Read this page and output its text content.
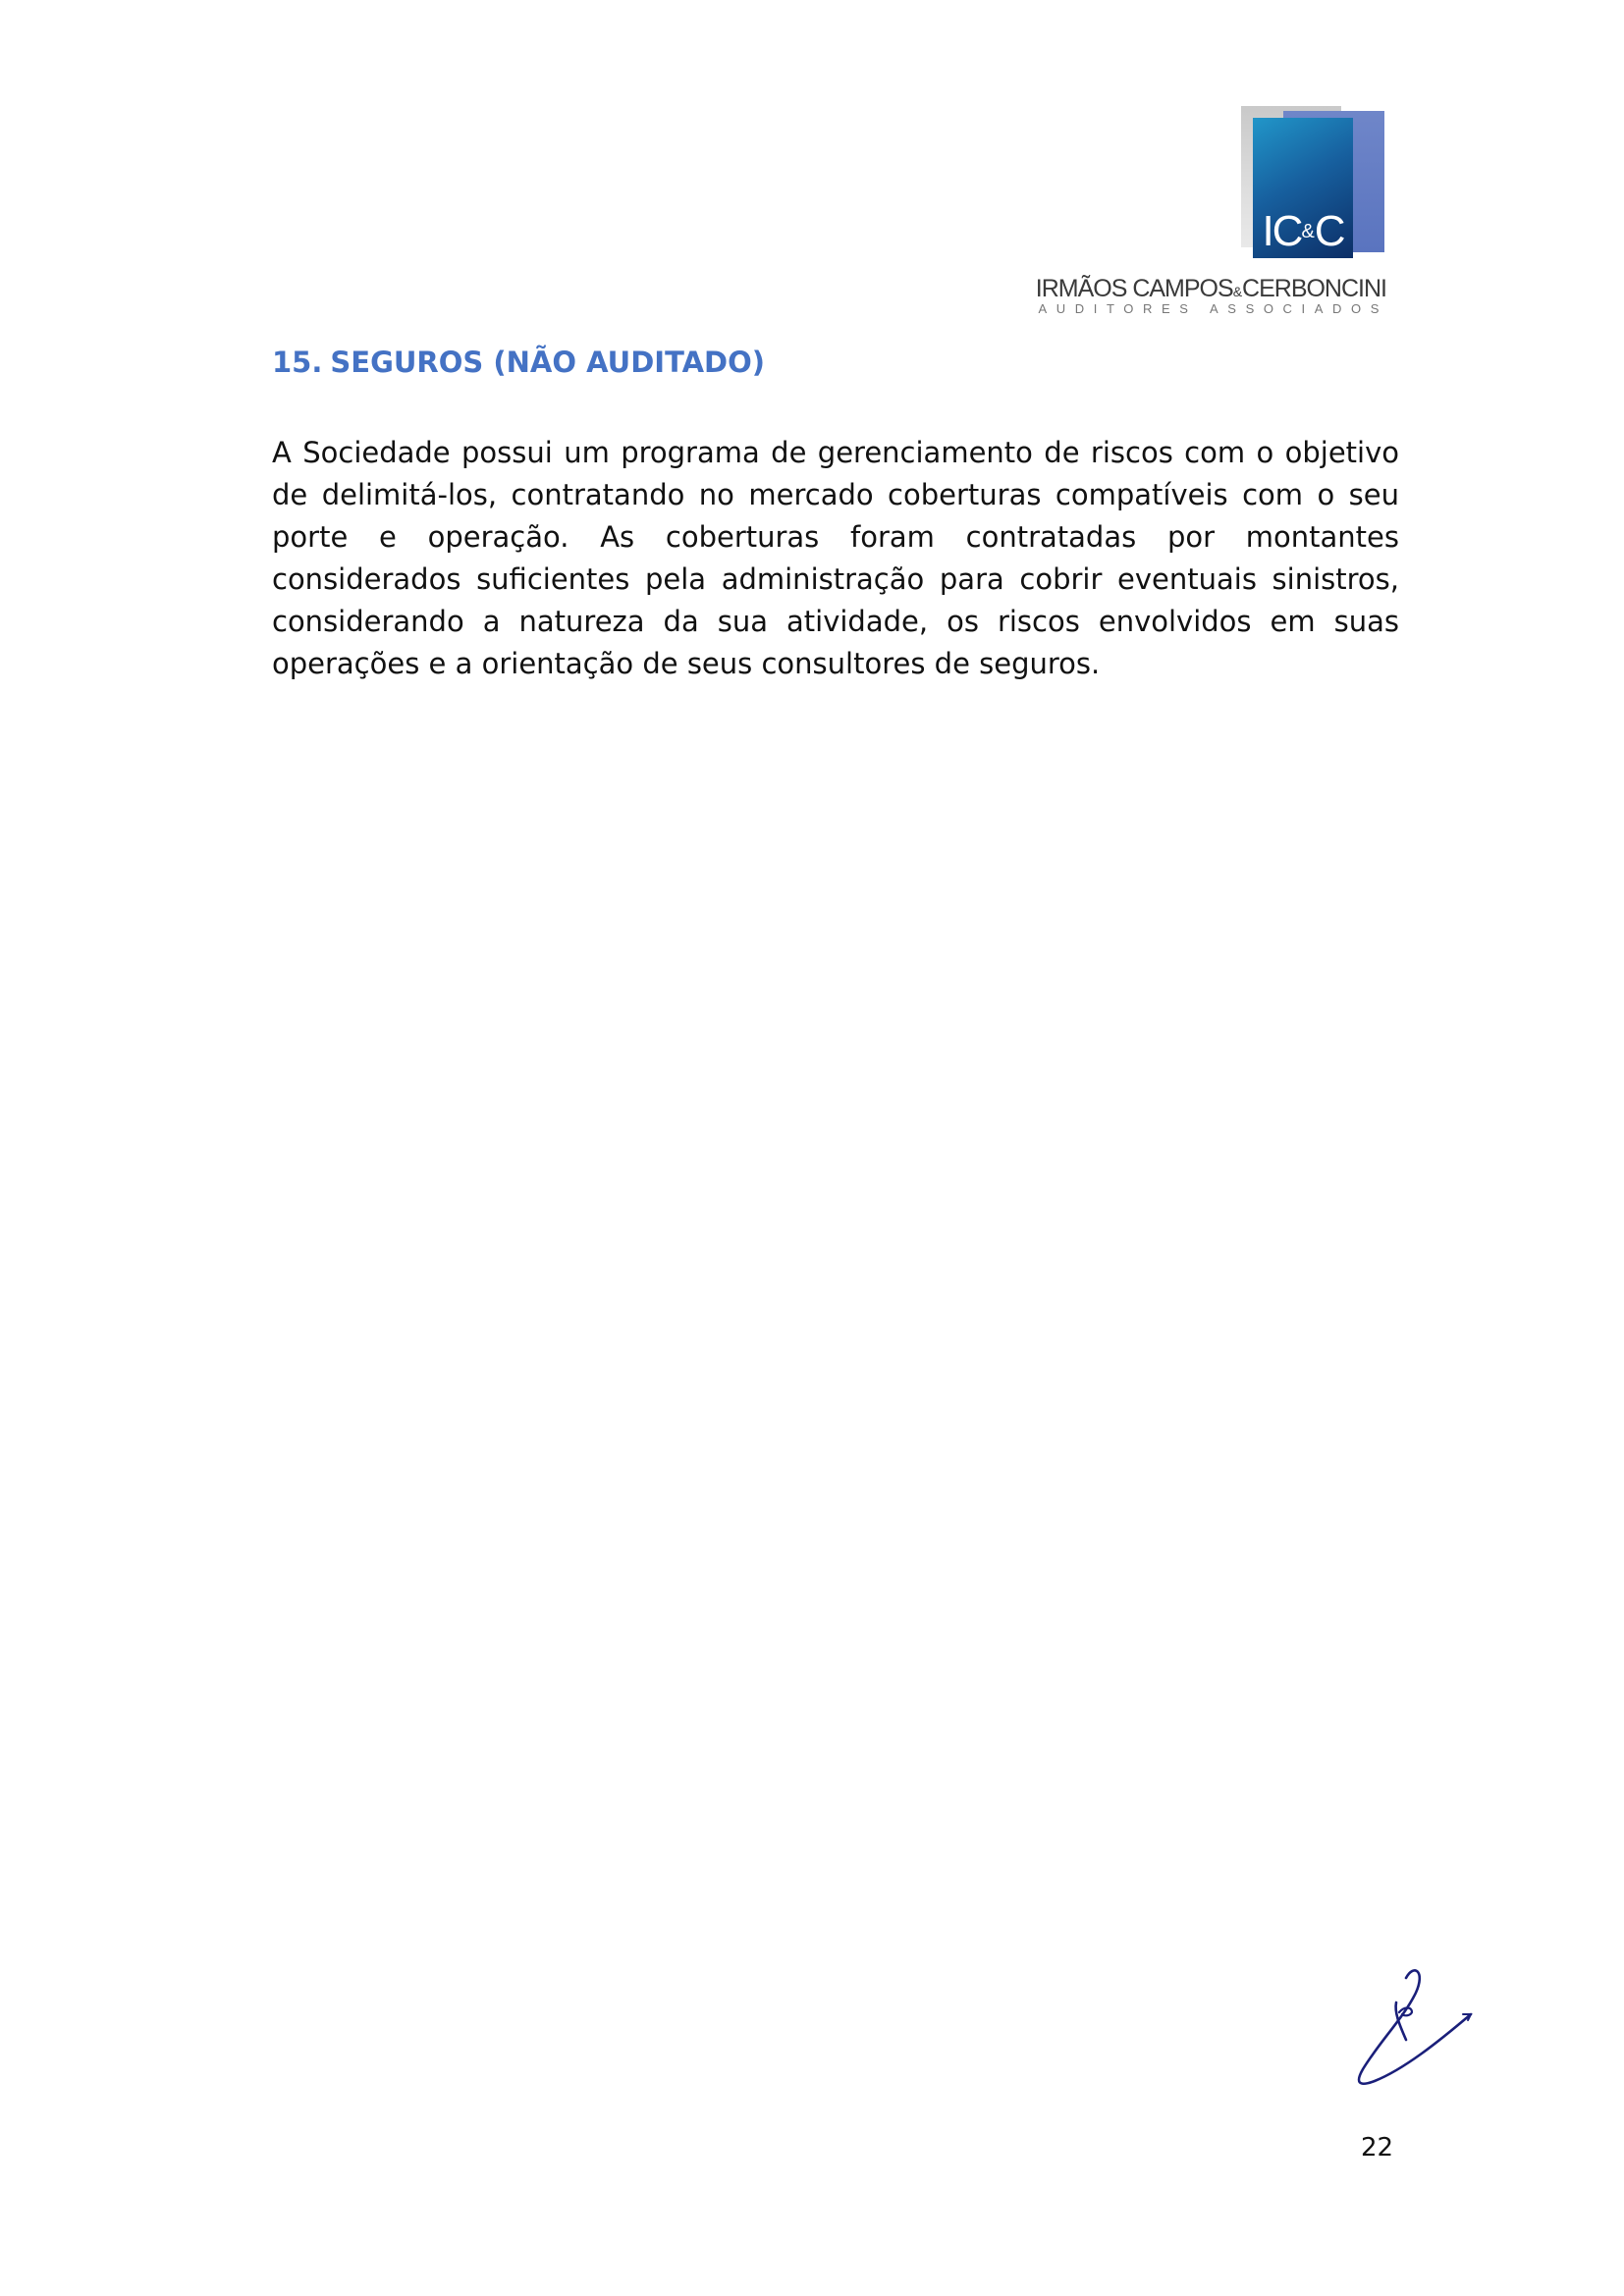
IC&C
IRMÃOS CAMPOS&CERBONCINI
AUDITORES ASSOCIADOS
15. SEGUROS (NÃO AUDITADO)

A Sociedade possui um programa de gerenciamento de riscos com o objetivo de delimitá-los, contratando no mercado coberturas compatíveis com o seu porte e operação. As coberturas foram contratadas por montantes considerados suficientes pela administração para cobrir eventuais sinistros, considerando a natureza da sua atividade, os riscos envolvidos em suas operações e a orientação de seus consultores de seguros.

22
